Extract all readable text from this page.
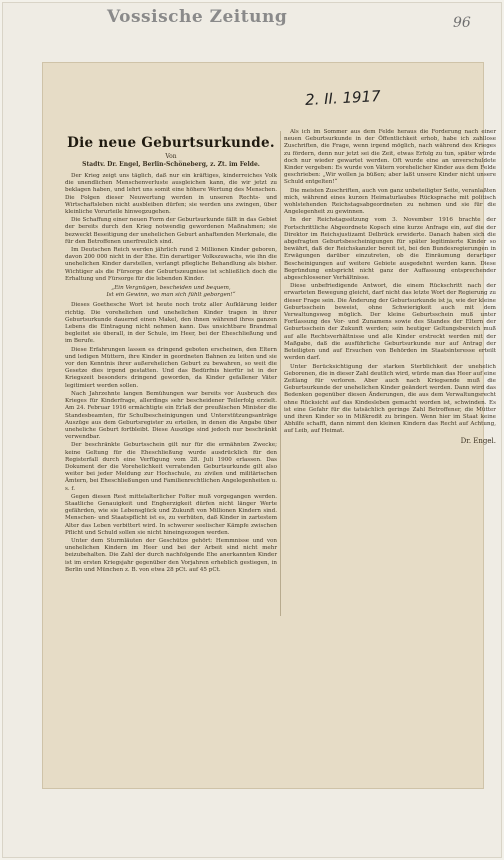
Vossische Zeitung	96
2. II. 1917
Die neue Geburtsurkunde.
Von
Stadtv. Dr. Engel, Berlin-Schöneberg, z. Zt. im Felde.

Der Krieg zeigt uns täglich, daß nur ein kräftiges, kinderreiches Volk die unendlichen Menschenverluste ausgleichen kann, die wir jetzt zu beklagen haben, und lehrt uns somit eine höhere Wertung des Menschen. Die Folgen dieser Neuwertung werden in unseren Rechts- und Wirtschaftsleben nicht ausbleiben dürfen; sie werden uns zwingen, über kleinliche Vorurteile hinwegzugehen.

Die Schaffung einer neuen Form der Geburtsurkunde fällt in das Gebiet der bereits durch den Krieg notwendig gewordenen Maßnahmen; sie bezweckt Beseitigung der unehelichen Geburt anhaftenden Merkmale, die für den Betroffenen unerfreulich sind.

Im Deutschen Reich werden jährlich rund 2 Millionen Kinder geboren, davon 200 000 nicht in der Ehe. Ein derartiger Volkszuwachs, wie ihn die unehelichen Kinder darstellen, verlangt pflegliche Behandlung als bisher. Wichtiger als die Fürsorge der Geburtszeugnisse ist schließlich doch die Erhaltung und Fürsorge für die lebenden Kinder.

„Ein Vergnügen, bescheiden und bequem,
Ist ein Gewinn, wo man sich fühlt geborgen!“

Dieses Goethesche Wort ist heute noch trotz aller Aufklärung leider richtig. Die vorehelichen und unehelichen Kinder tragen in ihrer Geburtsurkunde dauernd einen Makel, den ihnen während ihres ganzen Lebens die Eintragung nicht nehmen kann. Das unsichtbare Brandmal begleitet sie überall, in der Schule, im Heer, bei der Eheschließung und im Berufe.

Diese Erfahrungen lassen es dringend geboten erscheinen, den Eltern und ledigen Müttern, ihre Kinder in geordneten Bahnen zu leiten und sie vor den Kenntnis ihrer außerehelichen Geburt zu bewahren, so weit die Gesetze dies irgend gestatten. Und das Bedürfnis hierfür ist in der Kriegszeit besonders dringend geworden, da Kinder gefallener Väter legitimiert werden sollen.

Nach Jahrzehnte langen Bemühungen war bereits vor Ausbruch des Krieges für Kinderfrage, allerdings sehr bescheidener Teilerfolg erzielt. Am 24. Februar 1916 ermächtigte ein Erlaß der preußischen Minister die Standesbeamten, für Schulbescheinigungen und Unterstützungsanträge Auszüge aus dem Geburtsregister zu erteilen, in denen die Angabe über uneheliche Geburt fortbleibt. Diese Auszüge sind jedoch nur beschränkt verwendbar.

Der beschränkte Geburtsschein gilt nur für die ermähnten Zwecke; keine Geltung für die Eheschließung wurde ausdrücklich für den Registerfall durch eine Verfügung vom 28. Juli 1900 erlassen. Das Dokument der die Vorehelichkeit verratenden Geburtsurkunde gilt also weiter bei jeder Meldung zur Hochschule, zu zivilen und militärischen Ämtern, bei Eheschließungen und Familienrechtlichen Angelegenheiten u. s. f.

Gegen diesen Rest mittelalterlicher Folter muß vorgegangen werden. Staatliche Genauigkeit und Engherzigkeit dürfen nicht länger Werte gefährden, wie sie Lebensglück und Zukunft von Millionen Kindern sind. Menschen- und Staatspflicht ist es, zu verhüten, daß Kinder in zartestem Alter das Leben verbittert wird. In schwerer seelischer Kämpfe zwischen Pflicht und Schuld sollen sie nicht hineingezogen werden.

Unter dem Sturmläuten der Geschütze gehört: Hemmnisse und von unehelichen Kindern im Heer und bei der Arbeit sind nicht mehr beizubehalten. Die Zahl der durch nachfolgende Ehe anerkannten Kinder ist im ersten Kriegsjahr gegenüber den Vorjahren erheblich gestiegen, in Berlin und München z. B. von etwa 28 pCt. auf 45 pCt.

Als ich im Sommer aus dem Felde heraus die Forderung nach einer neuen Geburtsurkunde in der Öffentlichkeit erhob, habe ich zahllose Zuschriften, die Frage, wenn irgend möglich, nach während des Krieges zu fördern, denn nur jetzt sei die Zeit, etwas Erfolg zu tun, später würde doch nur wieder gewartet werden. Oft wurde eine an unverschuldete Kinder vergeben: Es wurde von Vätern vorehelicher Kinder aus dem Felde geschrieben: „Wir wollen ja büßen; aber laßt unsere Kinder nicht unsere Schuld entgelten!“

Die meisten Zuschriften, auch von ganz unbeteiligter Seite, veranlaßten mich, während eines kurzen Heimaturlaubes Rücksprache mit politisch wohlstehenden Reichstagsabgeordneten zu nehmen und sie für die Angelegenheit zu gewinnen.

In der Reichstagssitzung vom 3. November 1916 brachte der Fortschrittliche Abgeordnete Kopsch eine kurze Anfrage ein, auf die der Direktor im Reichsjustizamt Delbrück erwiderte. Danach haben sich die abgefragten Geburtsbescheinigungen für später legitimierte Kinder so bewährt, daß der Reichskanzler bereit ist, bei den Bundesregierungen in Erwägungen darüber einzutreten, ob die Einräumung derartiger Bescheinigungen auf weitere Gebiete ausgedehnt werden kann. Diese Begründung entspricht nicht ganz der Auffassung entsprechender abgeschlossener Verhältnisse.

Diese unbefriedigende Antwort, die einem Rückschritt nach der erwarteten Bewegung gleicht, darf nicht das letzte Wort der Regierung zu dieser Frage sein. Die Änderung der Geburtsurkunde ist ja, wie der kleine Geburtsschein beweist, ohne Schwierigkeit auch mit dem Verwaltungsweg möglich. Der kleine Geburtsschein muß unter Fortlassung des Vor- und Zunamens sowie des Standes der Eltern der Geburtsschein der Zukunft werden; sein heutiger Geltungsbereich muß auf alle Rechtsverhältnisse und alle Kinder erstreckt werden mit der Maßgabe, daß die ausführliche Geburtsurkunde nur auf Antrag der Beteiligten und auf Ersuchen von Behörden im Staatsinteresse erteilt werden darf.

Unter Berücksichtigung der starken Sterblichkeit der unehelich Geborenen, die in dieser Zahl deutlich wird, würde man das Heer auf eine Zeitlang für verloren. Aber auch nach Kriegsende muß die Geburtsurkunde der unehelichen Kinder geändert werden. Dann wird das Bedenken gegenüber diesen Änderungen, die aus dem Verwaltungsrecht ohne Rücksicht auf das Kindesleben gemacht worden ist, schwinden. Es ist eine Gefahr für die tatsächlich geringe Zahl Betroffener, die Mütter und ihren Kinder so in Mißkredit zu bringen. Wenn hier im Staat keine Abhilfe schafft, dann nimmt den kleinen Kindern das Recht auf Achtung, auf Leib, auf Heimat.

Dr. Engel.
